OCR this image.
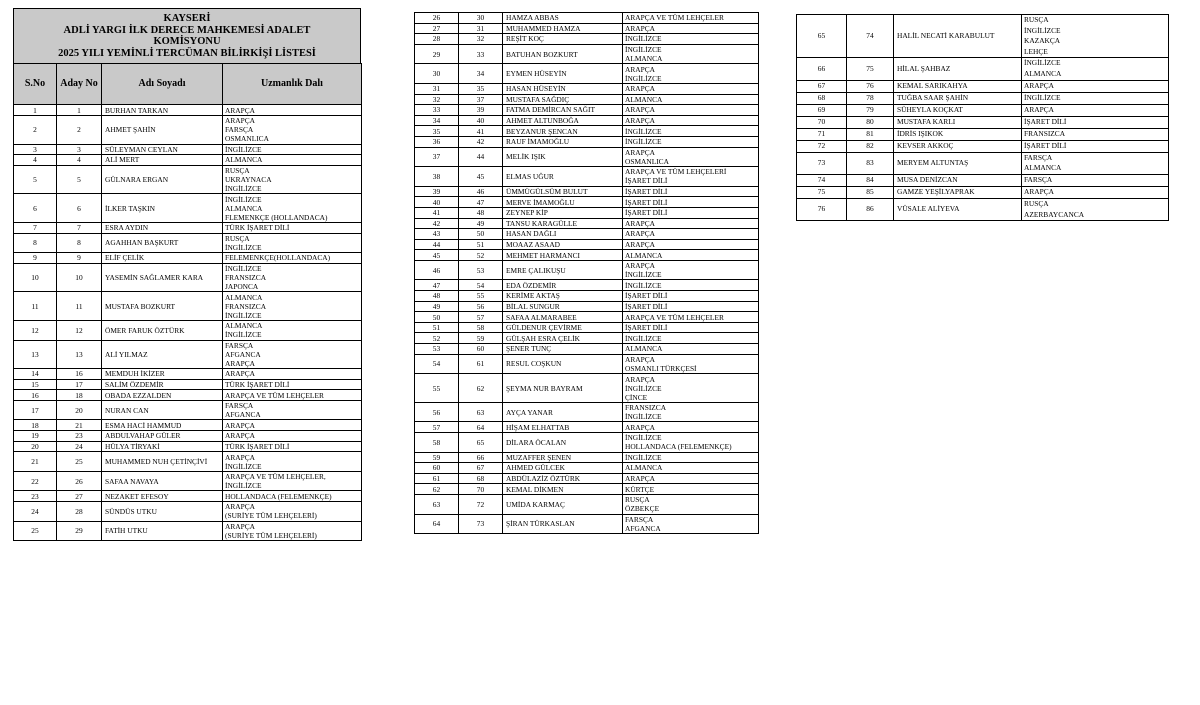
KAYSERİ
ADLİ YARGI İLK DERECE MAHKEMESİ ADALET
KOMİSYONU
2025 YILI YEMİNLİ TERCÜMAN BİLİRKİŞİ LİSTESİ
S.No	Aday No	Adı Soyadı	Uzmanlık Dalı
1	1	BURHAN TARKAN	ARAPÇA
2	2	AHMET ŞAHİN	ARAPÇA
FARSÇA
OSMANLICA
3	3	SÜLEYMAN CEYLAN	İNGİLİZCE
4	4	ALİ MERT	ALMANCA
5	5	GÜLNARA ERGAN	RUSÇA
UKRAYNACA
İNGİLİZCE
6	6	İLKER TAŞKIN	İNGİLİZCE
ALMANCA
FLEMENKÇE (HOLLANDACA)
7	7	ESRA AYDIN	TÜRK İŞARET DİLİ
8	8	AGAHHAN BAŞKURT	RUSÇA
İNGİLİZCE
9	9	ELİF ÇELİK	FELEMENKÇE(HOLLANDACA)
10	10	YASEMİN SAĞLAMER KARA	İNGİLİZCE
FRANSIZCA
JAPONCA
11	11	MUSTAFA BOZKURT	ALMANCA
FRANSIZCA
İNGİLİZCE
12	12	ÖMER FARUK ÖZTÜRK	ALMANCA
İNGİLİZCE
13	13	ALİ YILMAZ	FARSÇA
AFGANCA
ARAPÇA
14	16	MEMDUH İKİZER	ARAPÇA
15	17	SALİM ÖZDEMİR	TÜRK İŞARET DİLİ
16	18	OBADA EZZALDEN	ARAPÇA VE TÜM LEHÇELER
17	20	NURAN CAN	FARSÇA
AFGANCA
18	21	ESMA HACİ HAMMUD	ARAPÇA
19	23	ABDULVAHAP GÜLER	ARAPÇA
20	24	HÜLYA TİRYAKİ	TÜRK İŞARET DİLİ
21	25	MUHAMMED NUH ÇETİNÇİVİ	ARAPÇA
İNGİLİZCE
22	26	SAFAA NAVAYA	ARAPÇA VE TÜM LEHÇELER,
İNGİLİZCE
23	27	NEZAKET EFESOY	HOLLANDACA (FELEMENKÇE)
24	28	SÜNDÜS UTKU	ARAPÇA
(SURİYE TÜM LEHÇELERİ)
25	29	FATİH UTKU	ARAPÇA
(SURİYE TÜM LEHÇELERİ)
26	30	HAMZA ABBAS	ARAPÇA VE TÜM LEHÇELER
27	31	MUHAMMED HAMZA	ARAPÇA
28	32	REŞİT KOÇ	İNGİLİZCE
29	33	BATUHAN BOZKURT	İNGİLİZCE
ALMANCA
30	34	EYMEN HÜSEYİN	ARAPÇA
İNGİLİZCE
31	35	HASAN HÜSEYİN	ARAPÇA
32	37	MUSTAFA SAĞDIÇ	ALMANCA
33	39	FATMA DEMİRCAN SAĞIT	ARAPÇA
34	40	AHMET ALTUNBOĞA	ARAPÇA
35	41	BEYZANUR ŞENCAN	İNGİLİZCE
36	42	RAUF İMAMOĞLU	İNGİLİZCE
37	44	MELİK IŞIK	ARAPÇA
OSMANLICA
38	45	ELMAS UĞUR	ARAPÇA VE TÜM LEHÇELERİ
İŞARET DİLİ
39	46	ÜMMÜGÜLSÜM BULUT	İŞARET DİLİ
40	47	MERVE İMAMOĞLU	İŞARET DİLİ
41	48	ZEYNEP KİP	İŞARET DİLİ
42	49	TANSU KARAGÜLLE	ARAPÇA
43	50	HASAN DAĞLI	ARAPÇA
44	51	MOAAZ ASAAD	ARAPÇA
45	52	MEHMET HARMANCI	ALMANCA
46	53	EMRE ÇALIKUŞU	ARAPÇA
İNGİLİZCE
47	54	EDA ÖZDEMİR	İNGİLİZCE
48	55	KERİME AKTAŞ	İŞARET DİLİ
49	56	BİLAL SUNGUR	İŞARET DİLİ
50	57	SAFAA ALMARABEE	ARAPÇA VE TÜM LEHÇELER
51	58	GÜLDENUR ÇEVİRME	İŞARET DİLİ
52	59	GÜLŞAH ESRA ÇELİK	İNGİLİZCE
53	60	ŞENER TUNÇ	ALMANCA
54	61	RESUL COŞKUN	ARAPÇA
OSMANLI TÜRKÇESİ
55	62	ŞEYMA NUR BAYRAM	ARAPÇA
İNGİLİZCE
ÇİNCE
56	63	AYÇA YANAR	FRANSIZCA
İNGİLİZCE
57	64	HİŞAM ELHATTAB	ARAPÇA
58	65	DİLARA ÖCALAN	İNGİLİZCE
HOLLANDACA (FELEMENKÇE)
59	66	MUZAFFER ŞENEN	İNGİLİZCE
60	67	AHMED GÜLCEK	ALMANCA
61	68	ABDÜLAZİZ ÖZTÜRK	ARAPÇA
62	70	KEMAL DİKMEN	KÜRTÇE
63	72	UMİDA KARMAÇ	RUSÇA
ÖZBEKÇE
64	73	ŞİRAN TÜRKASLAN	FARSÇA
AFGANCA
65	74	HALİL NECATİ KARABULUT	RUSÇA
İNGİLİZCE
KAZAKÇA
LEHÇE
66	75	HİLAL ŞAHBAZ	İNGİLİZCE
ALMANCA
67	76	KEMAL SARIKAHYA	ARAPÇA
68	78	TUĞBA SAAR ŞAHİN	İNGİLİZCE
69	79	SÜHEYLA KOÇKAT	ARAPÇA
70	80	MUSTAFA KARLI	İŞARET DİLİ
71	81	İDRİS IŞIKOK	FRANSIZCA
72	82	KEVSER AKKOÇ	İŞARET DİLİ
73	83	MERYEM ALTUNTAŞ	FARSÇA
ALMANCA
74	84	MUSA DENİZCAN	FARSÇA
75	85	GAMZE YEŞİLYAPRAK	ARAPÇA
76	86	VÜSALE ALİYEVA	RUSÇA
AZERBAYCANCA
